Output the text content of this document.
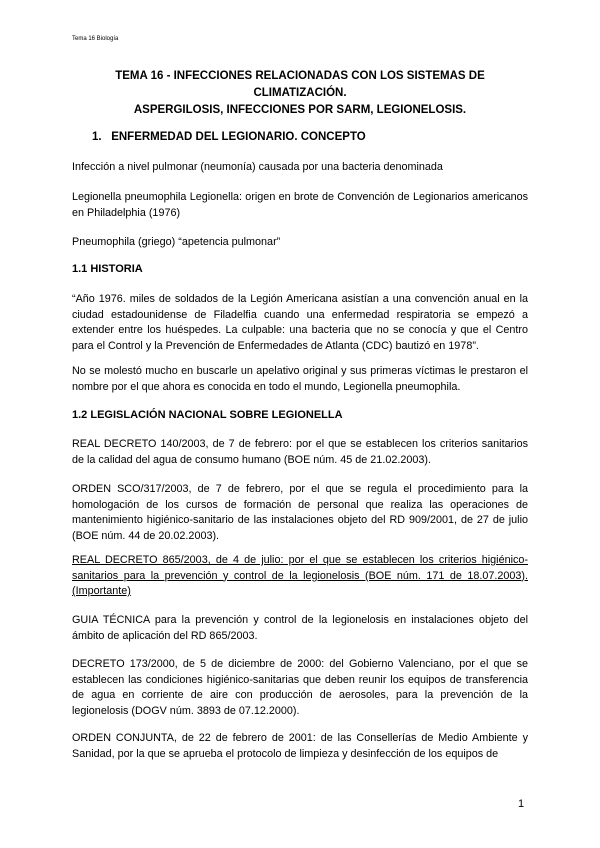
Tema 16 Biología
TEMA 16 - INFECCIONES RELACIONADAS CON LOS SISTEMAS DE CLIMATIZACIÓN.
ASPERGILOSIS, INFECCIONES POR SARM, LEGIONELOSIS.
1. ENFERMEDAD DEL LEGIONARIO. CONCEPTO

Infección a nivel pulmonar (neumonía) causada por una bacteria denominada

Legionella pneumophila Legionella: origen en brote de Convención de Legionarios americanos en Philadelphia (1976)

Pneumophila (griego) “apetencia pulmonar”

1.1 HISTORIA

“Año 1976. miles de soldados de la Legión Americana asistían a una convención anual en la ciudad estadounidense de Filadelfia cuando una enfermedad respiratoria se empezó a extender entre los huéspedes. La culpable: una bacteria que no se conocía y que el Centro para el Control y la Prevención de Enfermedades de Atlanta (CDC) bautizó en 1978”.

No se molestó mucho en buscarle un apelativo original y sus primeras víctimas le prestaron el nombre por el que ahora es conocida en todo el mundo, Legionella pneumophila.

1.2 LEGISLACIÓN NACIONAL SOBRE LEGIONELLA

REAL DECRETO 140/2003, de 7 de febrero: por el que se establecen los criterios sanitarios de la calidad del agua de consumo humano (BOE núm. 45 de 21.02.2003).

ORDEN SCO/317/2003, de 7 de febrero, por el que se regula el procedimiento para la homologación de los cursos de formación de personal que realiza las operaciones de mantenimiento higiénico-sanitario de las instalaciones objeto del RD 909/2001, de 27 de julio (BOE núm. 44 de 20.02.2003).

REAL DECRETO 865/2003, de 4 de julio: por el que se establecen los criterios higiénico-sanitarios para la prevención y control de la legionelosis (BOE núm. 171 de 18.07.2003). (Importante)

GUIA TÉCNICA para la prevención y control de la legionelosis en instalaciones objeto del ámbito de aplicación del RD 865/2003.

DECRETO 173/2000, de 5 de diciembre de 2000: del Gobierno Valenciano, por el que se establecen las condiciones higiénico-sanitarias que deben reunir los equipos de transferencia de agua en corriente de aire con producción de aerosoles, para la prevención de la legionelosis (DOGV núm. 3893 de 07.12.2000).

ORDEN CONJUNTA, de 22 de febrero de 2001: de las Consellerías de Medio Ambiente y Sanidad, por la que se aprueba el protocolo de limpieza y desinfección de los equipos de

1
